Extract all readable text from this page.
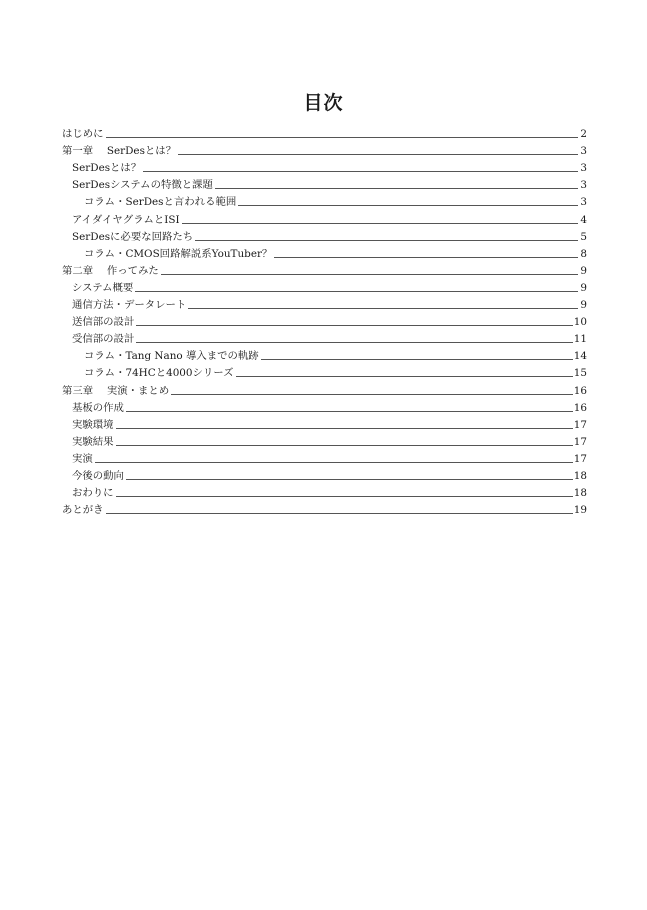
目次
はじめに	2
第一章　 SerDesとは？	3
SerDesとは？	3
SerDesシステムの特徴と課題	3
コラム・SerDesと言われる範囲	3
アイダイヤグラムとISI	4
SerDesに必要な回路たち	5
コラム・CMOS回路解説系YouTuber？	8
第二章　 作ってみた	9
システム概要	9
通信方法・データレート	9
送信部の設計	10
受信部の設計	11
コラム・Tang Nano 導入までの軌跡	14
コラム・74HCと4000シリーズ	15
第三章　 実演・まとめ	16
基板の作成	16
実験環境	17
実験結果	17
実演	17
今後の動向	18
おわりに	18
あとがき	19
